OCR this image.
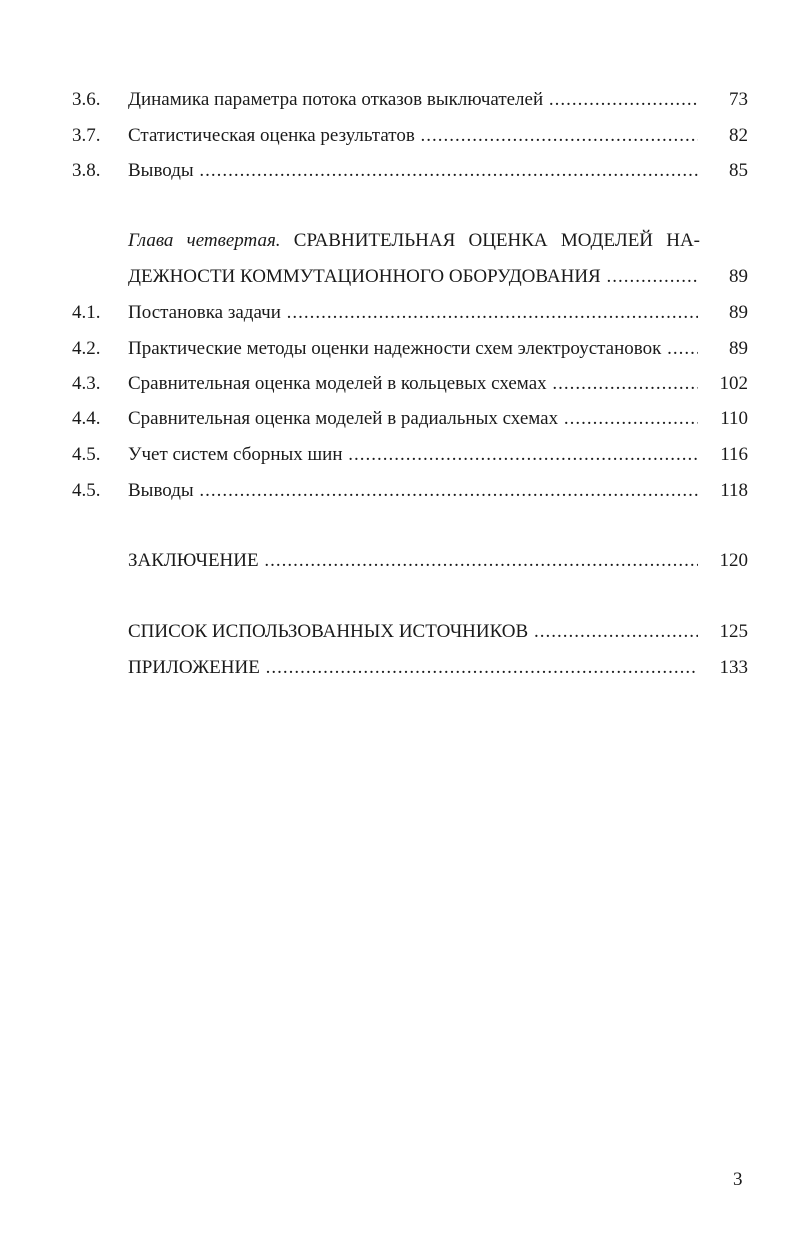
3.6. Динамика параметра потока отказов выключателей .....	73
3.7. Статистическая оценка результатов .....	82
3.8. Выводы .....	85
Глава четвертая. СРАВНИТЕЛЬНАЯ ОЦЕНКА МОДЕЛЕЙ НА-
ДЕЖНОСТИ КОММУТАЦИОННОГО ОБОРУДОВАНИЯ .....	89
4.1. Постановка задачи .....	89
4.2. Практические методы оценки надежности схем электроустановок .....	89
4.3. Сравнительная оценка моделей в кольцевых схемах .....	102
4.4. Сравнительная оценка моделей в радиальных схемах .....	110
4.5. Учет систем сборных шин .....	116
4.5. Выводы .....	118
ЗАКЛЮЧЕНИЕ .....	120
СПИСОК ИСПОЛЬЗОВАННЫХ ИСТОЧНИКОВ .....	125
ПРИЛОЖЕНИЕ .....	133
3
